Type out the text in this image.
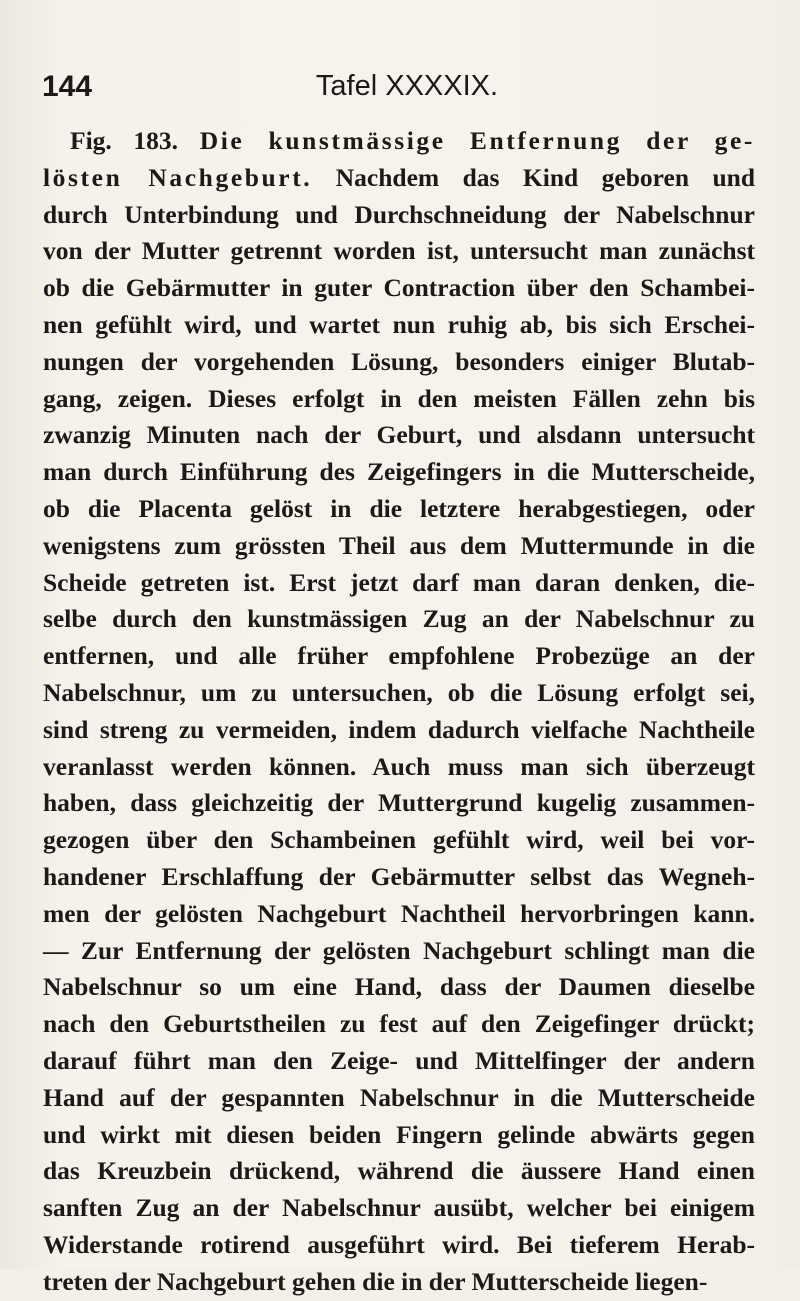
144	Tafel XXXXIX.
Fig. 183. Die kunstmässige Entfernung der ge-
lösten Nachgeburt. Nachdem das Kind geboren und
durch Unterbindung und Durchschneidung der Nabelschnur
von der Mutter getrennt worden ist, untersucht man zunächst
ob die Gebärmutter in guter Contraction über den Schambei-
nen gefühlt wird, und wartet nun ruhig ab, bis sich Erschei-
nungen der vorgehenden Lösung, besonders einiger Blutab-
gang, zeigen. Dieses erfolgt in den meisten Fällen zehn bis
zwanzig Minuten nach der Geburt, und alsdann untersucht
man durch Einführung des Zeigefingers in die Mutterscheide,
ob die Placenta gelöst in die letztere herabgestiegen, oder
wenigstens zum grössten Theil aus dem Muttermunde in die
Scheide getreten ist. Erst jetzt darf man daran denken, die-
selbe durch den kunstmässigen Zug an der Nabelschnur zu
entfernen, und alle früher empfohlene Probezüge an der
Nabelschnur, um zu untersuchen, ob die Lösung erfolgt sei,
sind streng zu vermeiden, indem dadurch vielfache Nachtheile
veranlasst werden können. Auch muss man sich überzeugt
haben, dass gleichzeitig der Muttergrund kugelig zusammen-
gezogen über den Schambeinen gefühlt wird, weil bei vor-
handener Erschlaffung der Gebärmutter selbst das Wegneh-
men der gelösten Nachgeburt Nachtheil hervorbringen kann.
— Zur Entfernung der gelösten Nachgeburt schlingt man die
Nabelschnur so um eine Hand, dass der Daumen dieselbe
nach den Geburtstheilen zu fest auf den Zeigefinger drückt;
darauf führt man den Zeige- und Mittelfinger der andern
Hand auf der gespannten Nabelschnur in die Mutterscheide
und wirkt mit diesen beiden Fingern gelinde abwärts gegen
das Kreuzbein drückend, während die äussere Hand einen
sanften Zug an der Nabelschnur ausübt, welcher bei einigem
Widerstande rotirend ausgeführt wird. Bei tieferem Herab-
treten der Nachgeburt gehen die in der Mutterscheide liegen-
